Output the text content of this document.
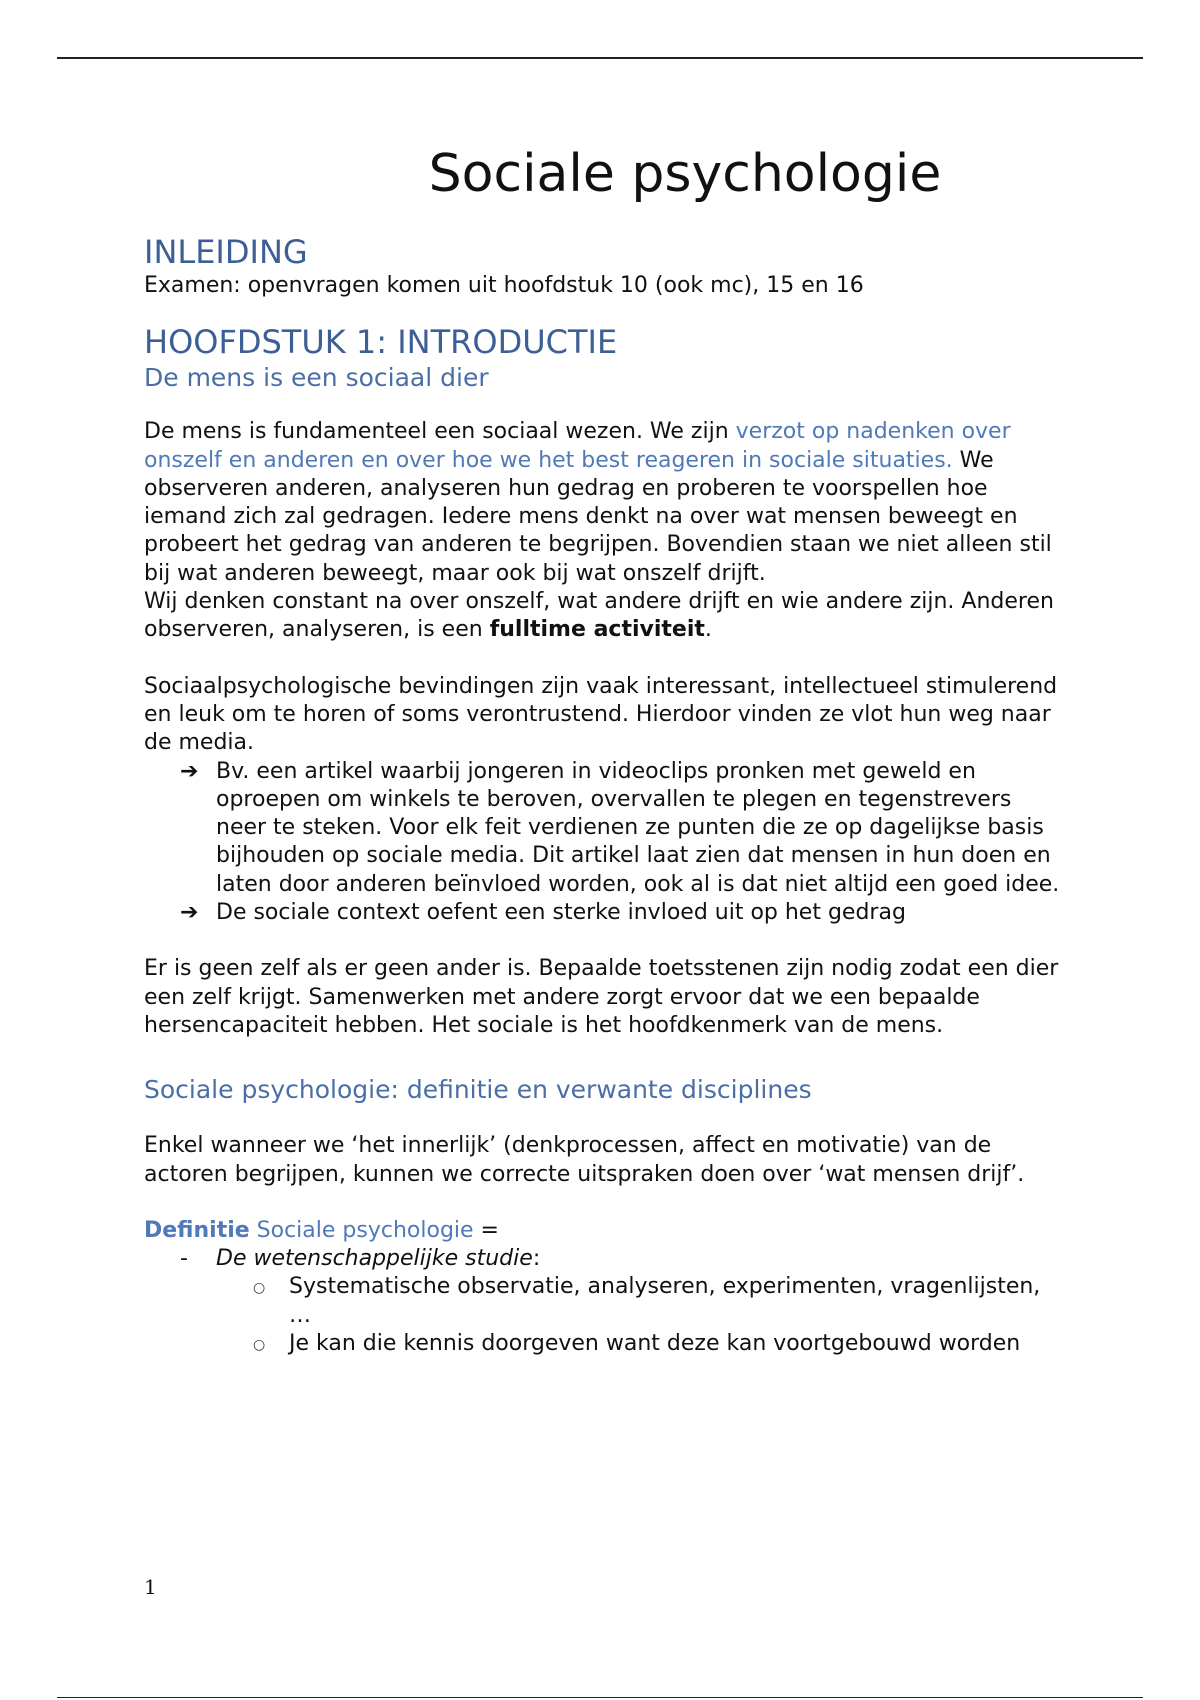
Sociale psychologie
INLEIDING

Examen: openvragen komen uit hoofdstuk 10 (ook mc), 15 en 16

HOOFDSTUK 1: INTRODUCTIE
De mens is een sociaal dier

De mens is fundamenteel een sociaal wezen. We zijn verzot op nadenken over onszelf en anderen en over hoe we het best reageren in sociale situaties. We observeren anderen, analyseren hun gedrag en proberen te voorspellen hoe iemand zich zal gedragen. Iedere mens denkt na over wat mensen beweegt en probeert het gedrag van anderen te begrijpen. Bovendien staan we niet alleen stil bij wat anderen beweegt, maar ook bij wat onszelf drijft.

Wij denken constant na over onszelf, wat andere drijft en wie andere zijn. Anderen observeren, analyseren, is een fulltime activiteit.

Sociaalpsychologische bevindingen zijn vaak interessant, intellectueel stimulerend en leuk om te horen of soms verontrustend. Hierdoor vinden ze vlot hun weg naar de media.

➔ Bv. een artikel waarbij jongeren in videoclips pronken met geweld en oproepen om winkels te beroven, overvallen te plegen en tegenstrevers neer te steken. Voor elk feit verdienen ze punten die ze op dagelijkse basis bijhouden op sociale media. Dit artikel laat zien dat mensen in hun doen en laten door anderen beïnvloed worden, ook al is dat niet altijd een goed idee.
➔ De sociale context oefent een sterke invloed uit op het gedrag

Er is geen zelf als er geen ander is. Bepaalde toetsstenen zijn nodig zodat een dier een zelf krijgt. Samenwerken met andere zorgt ervoor dat we een bepaalde hersencapaciteit hebben. Het sociale is het hoofdkenmerk van de mens.

Sociale psychologie: definitie en verwante disciplines

Enkel wanneer we ‘het innerlijk’ (denkprocessen, affect en motivatie) van de actoren begrijpen, kunnen we correcte uitspraken doen over ‘wat mensen drijf’.

Definitie Sociale psychologie =

- De wetenschappelijke studie:
○ Systematische observatie, analyseren, experimenten, vragenlijsten, …
○ Je kan die kennis doorgeven want deze kan voortgebouwd worden
1
